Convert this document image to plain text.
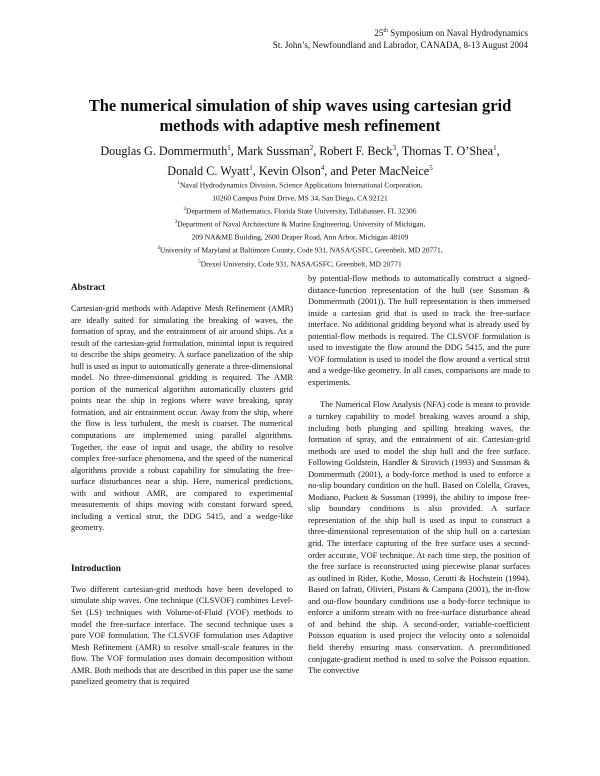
25th Symposium on Naval Hydrodynamics
St. John’s, Newfoundland and Labrador, CANADA, 8-13 August 2004
The numerical simulation of ship waves using cartesian grid methods with adaptive mesh refinement

Douglas G. Dommermuth$^1$, Mark Sussman$^2$, Robert F. Beck$^3$, Thomas T. O’Shea$^1$,
Donald C. Wyatt$^1$, Kevin Olson$^4$, and Peter MacNeice$^5$

$^1$Naval Hydrodynamics Division, Science Applications International Corporation,
10260 Campus Point Drive, MS 34, San Diego, CA 92121
$^2$Department of Mathematics, Florida State University, Tallahassee, FL 32306
$^3$Department of Naval Architecture & Marine Engineering, University of Michigan,
209 NA&ME Building, 2600 Draper Road, Ann Arbor, Michigan 48109
$^4$University of Maryland at Baltimore County, Code 931, NASA/GSFC, Greenbelt, MD 20771,
$^5$Drexel University, Code 931, NASA/GSFC, Greenbelt, MD 20771
Abstract

Cartesian-grid methods with Adaptive Mesh Refinement (AMR) are ideally suited for simulating the breaking of waves, the formation of spray, and the entrainment of air around ships. As a result of the cartesian-grid formulation, minimal input is required to describe the ships geometry. A surface panelization of the ship hull is used as input to automatically generate a three-dimensional model. No three-dimensional gridding is required. The AMR portion of the numerical algorithm automatically clusters grid points near the ship in regions where wave breaking, spray formation, and air entrainment occur. Away from the ship, where the flow is less turbulent, the mesh is coarser. The numerical computations are implemented using parallel algorithms. Together, the ease of input and usage, the ability to resolve complex free-surface phenomena, and the speed of the numerical algorithms provide a robust capability for simulating the free-surface disturbances near a ship. Here, numerical predictions, with and without AMR, are compared to experimental measurements of ships moving with constant forward speed, including a vertical strut, the DDG 5415, and a wedge-like geometry.

Introduction

Two different cartesian-grid methods have been developed to simulate ship waves. One technique (CLSVOF) combines Level-Set (LS) techniques with Volume-of-Fluid (VOF) methods to model the free-surface interface. The second technique uses a pure VOF formulation. The CLSVOF formulation uses Adaptive Mesh Refinement (AMR) to resolve small-scale features in the flow. The VOF formulation uses domain decomposition without AMR. Both methods that are described in this paper use the same panelized geometry that is required

by potential-flow methods to automatically construct a signed-distance-function representation of the hull (see Sussman & Dommermuth (2001)). The hull representation is then immersed inside a cartesian grid that is used to track the free-surface interface. No additional gridding beyond what is already used by potential-flow methods is required. The CLSVOF formulation is used to investigate the flow around the DDG 5415, and the pure VOF formulation is used to model the flow around a vertical strut and a wedge-like geometry. In all cases, comparisons are made to experiments.

The Numerical Flow Analysis (NFA) code is meant to provide a turnkey capability to model breaking waves around a ship, including both plunging and spilling breaking waves, the formation of spray, and the entrainment of air. Cartesian-grid methods are used to model the ship hull and the free surface. Following Goldstein, Handler & Sirovich (1993) and Sussman & Dommermuth (2001), a body-force method is used to enforce a no-slip boundary condition on the hull. Based on Colella, Graves, Modiano, Puckett & Sussman (1999), the ability to impose free-slip boundary conditions is also provided. A surface representation of the ship hull is used as input to construct a three-dimensional representation of the ship hull on a cartesian grid. The interface capturing of the free surface uses a second-order accurate, VOF technique. At each time step, the position of the free surface is reconstructed using piecewise planar surfaces as outlined in Rider, Kothe, Mosso, Cerutti & Hochstein (1994). Based on Iafrati, Olivieri, Pistani & Campana (2001), the in-flow and out-flow boundary conditions use a body-force technique to enforce a uniform stream with no free-surface disturbance ahead of and behind the ship. A second-order, variable-coefficient Poisson equation is used project the velocity onto a solenoidal field thereby ensuring mass conservation. A preconditioned conjugate-gradient method is used to solve the Poisson equation. The convective
